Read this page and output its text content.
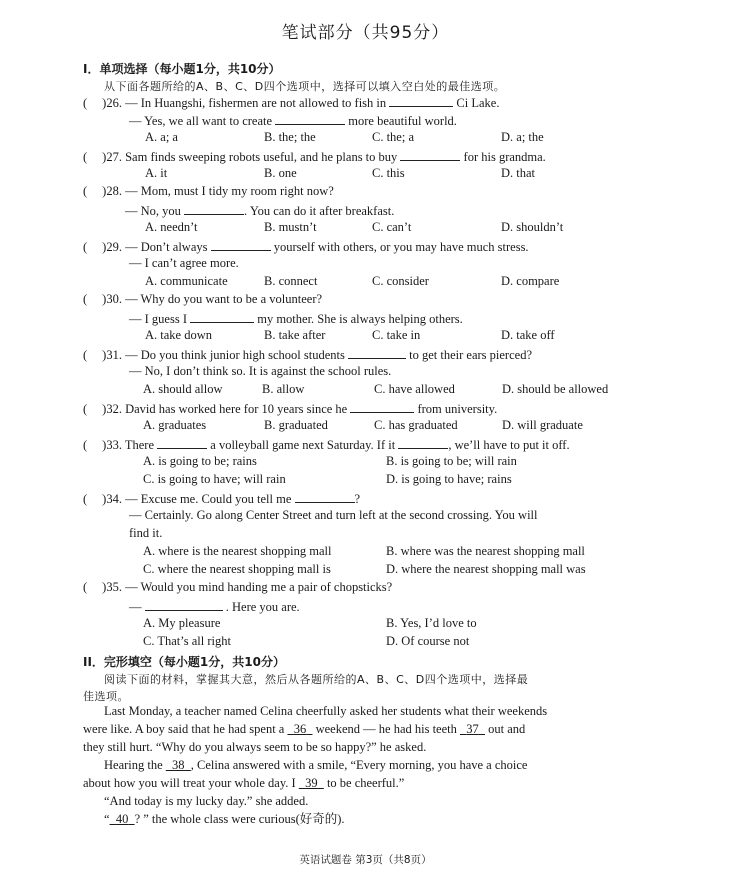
笔试部分（共95分）
I．单项选择（每小题1分，共10分）
从下面各题所给的A、B、C、D四个选项中，选择可以填入空白处的最佳选项。
( )26. — In Huangshi, fishermen are not allowed to fish in	Ci Lake.
— Yes, we all want to create	more beautiful world.
A. a; a	B. the; the	C. the; a	D. a; the
( )27. Sam finds sweeping robots useful, and he plans to buy	for his grandma.
A. it	B. one	C. this	D. that
( )28. — Mom, must I tidy my room right now?
— No, you	. You can do it after breakfast.
A. needn’t	B. mustn’t	C. can’t	D. shouldn’t
( )29. — Don’t always	yourself with others, or you may have much stress.
— I can’t agree more.
A. communicate	B. connect	C. consider	D. compare
( )30. — Why do you want to be a volunteer?
— I guess I	my mother. She is always helping others.
A. take down	B. take after	C. take in	D. take off
( )31. — Do you think junior high school students	to get their ears pierced?
— No, I don’t think so. It is against the school rules.
A. should allow	B. allow	C. have allowed	D. should be allowed
( )32. David has worked here for 10 years since he	from university.
A. graduates	B. graduated	C. has graduated	D. will graduate
( )33. There	a volleyball game next Saturday. If it	, we’ll have to put it off.
A. is going to be; rains	B. is going to be; will rain
C. is going to have; will rain	D. is going to have; rains
( )34. — Excuse me. Could you tell me	?
— Certainly. Go along Center Street and turn left at the second crossing. You will
find it.
A. where is the nearest shopping mall	B. where was the nearest shopping mall
C. where the nearest shopping mall is	D. where the nearest shopping mall was
( )35. — Would you mind handing me a pair of chopsticks?
—	. Here you are.
A. My pleasure	B. Yes, I’d love to
C. That’s all right	D. Of course not
II．完形填空（每小题1分，共10分）
阅读下面的材料，掌握其大意，然后从各题所给的A、B、C、D四个选项中，选择最
佳选项。
Last Monday, a teacher named Celina cheerfully asked her students what their weekends
were like. A boy said that he had spent a 36 weekend — he had his teeth 37 out and
they still hurt. “Why do you always seem to be so happy?” he asked.
Hearing the 38 , Celina answered with a smile, “Every morning, you have a choice
about how you will treat your whole day. I 39 to be cheerful.”
“And today is my lucky day.” she added.
“ 40 ? ” the whole class were curious(好奇的).
英语试题卷 第3页（共8页）
